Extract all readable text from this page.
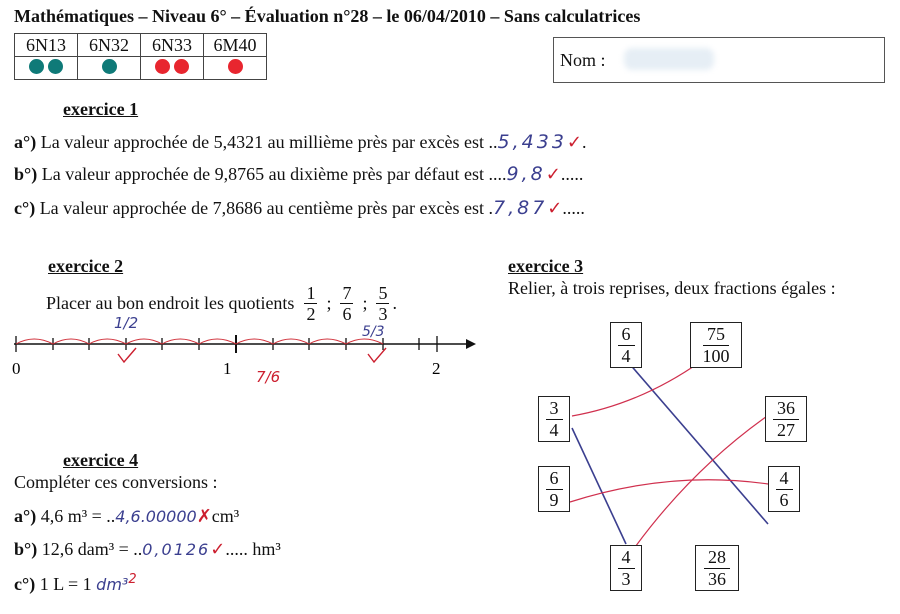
Mathématiques – Niveau 6° – Évaluation n°28 – le 06/04/2010 – Sans calculatrices
6N13	6N32	6N33	6M40

Nom :
exercice 1
a°) La valeur approchée de 5,4321 au millième près par excès est ..5,433✓.
b°) La valeur approchée de 9,8765 au dixième près par défaut est ....9,8✓.....
c°) La valeur approchée de 7,8686 au centième près par excès est .7,87✓.....
exercice 2
Placer au bon endroit les quotients $\frac{1}{2}$ ; $\frac{7}{6}$ ; $\frac{5}{3}$ .
0	1	2
1/2	5/3
7/6
exercice 3
Relier, à trois reprises, deux fractions égales :
6
4
75
100
3
4
36
27
6
9
4
6
4
3
28
36
exercice 4
Compléter ces conversions :
a°) 4,6 m³ = ..4,6.00000✗cm³
b°) 12,6 dam³ = ..0,0126✓..... hm³
c°) 1 L = 1 dm³$^2$
